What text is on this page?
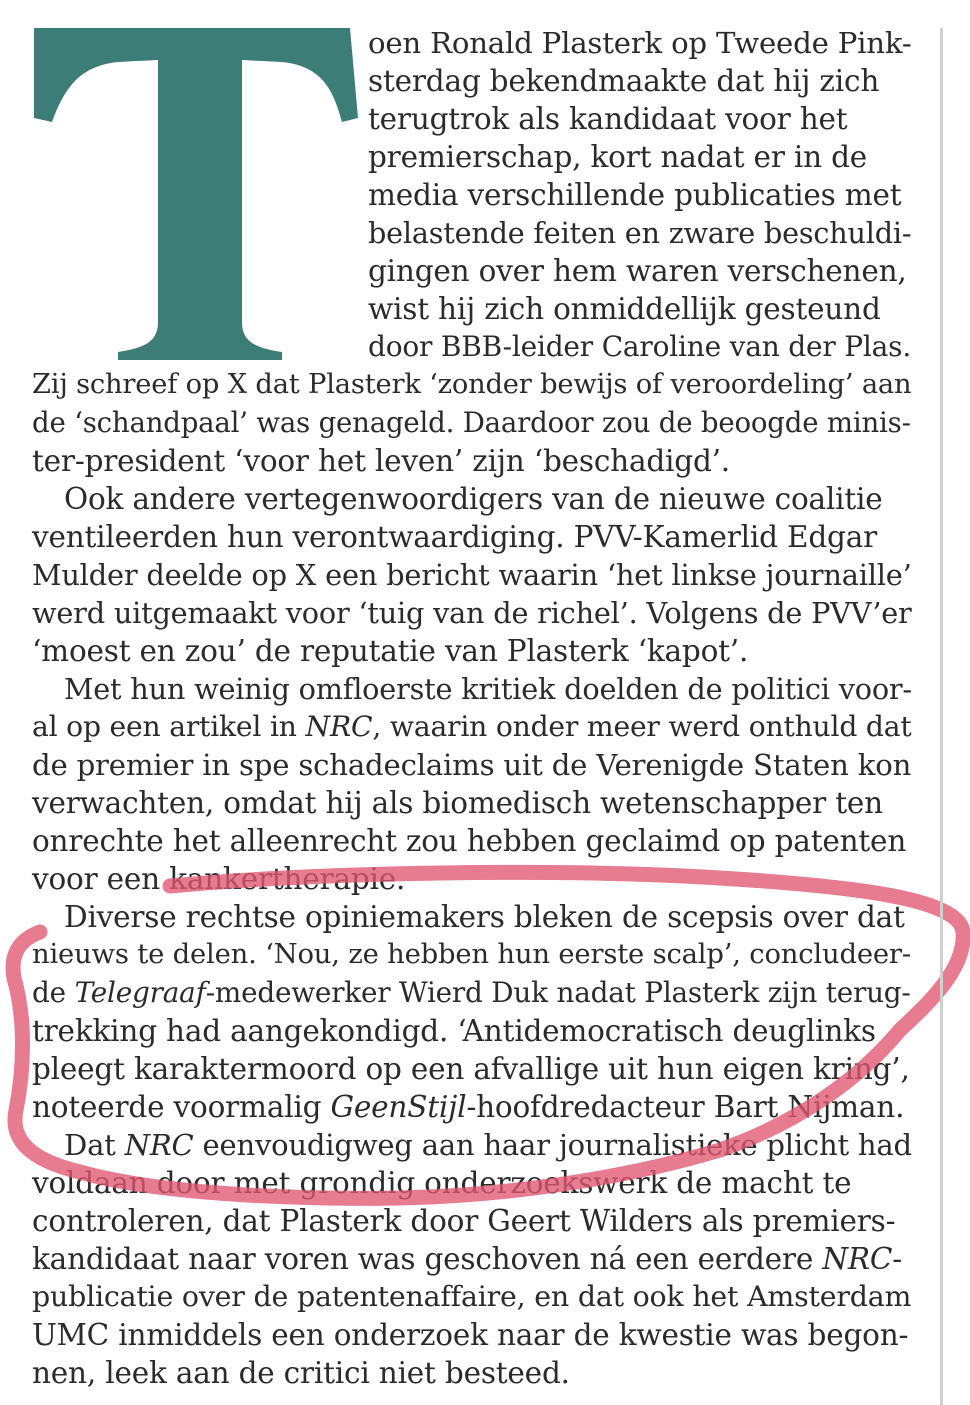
oen Ronald Plasterk op Tweede Pink-
sterdag bekendmaakte dat hij zich
terugtrok als kandidaat voor het
premierschap, kort nadat er in de
media verschillende publicaties met
belastende feiten en zware beschuldi-
gingen over hem waren verschenen,
wist hij zich onmiddellijk gesteund
door BBB-leider Caroline van der Plas.
Zij schreef op X dat Plasterk ‘zonder bewijs of veroordeling’ aan
de ‘schandpaal’ was genageld. Daardoor zou de beoogde minis-
ter-president ‘voor het leven’ zijn ‘beschadigd’.
Ook andere vertegenwoordigers van de nieuwe coalitie
ventileerden hun verontwaardiging. PVV-Kamerlid Edgar
Mulder deelde op X een bericht waarin ‘het linkse journaille’
werd uitgemaakt voor ‘tuig van de richel’. Volgens de PVV’er
‘moest en zou’ de reputatie van Plasterk ‘kapot’.
Met hun weinig omfloerste kritiek doelden de politici voor-
al op een artikel in NRC, waarin onder meer werd onthuld dat
de premier in spe schadeclaims uit de Verenigde Staten kon
verwachten, omdat hij als biomedisch wetenschapper ten
onrechte het alleenrecht zou hebben geclaimd op patenten
voor een kankertherapie.
Diverse rechtse opiniemakers bleken de scepsis over dat
nieuws te delen. ‘Nou, ze hebben hun eerste scalp’, concludeer-
de Telegraaf-medewerker Wierd Duk nadat Plasterk zijn terug-
trekking had aangekondigd. ‘Antidemocratisch deuglinks
pleegt karaktermoord op een afvallige uit hun eigen kring’,
noteerde voormalig GeenStijl-hoofdredacteur Bart Nijman.
Dat NRC eenvoudigweg aan haar journalistieke plicht had
voldaan door met grondig onderzoekswerk de macht te
controleren, dat Plasterk door Geert Wilders als premiers-
kandidaat naar voren was geschoven ná een eerdere NRC-
publicatie over de patentenaffaire, en dat ook het Amsterdam
UMC inmiddels een onderzoek naar de kwestie was begon-
nen, leek aan de critici niet besteed.
